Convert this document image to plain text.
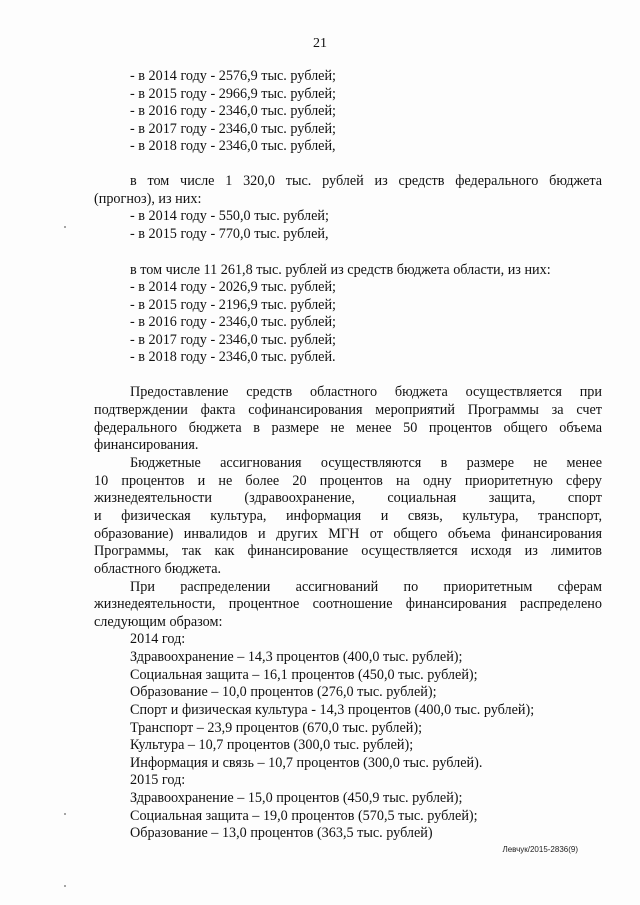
21
- в 2014 году - 2576,9 тыс. рублей;
- в 2015 году - 2966,9 тыс. рублей;
- в 2016 году - 2346,0 тыс. рублей;
- в 2017 году - 2346,0 тыс. рублей;
- в 2018 году - 2346,0 тыс. рублей,
в том числе 1 320,0 тыс. рублей из средств федерального бюджета
(прогноз), из них:
- в 2014 году - 550,0 тыс. рублей;
- в 2015 году - 770,0 тыс. рублей,
в том числе 11 261,8 тыс. рублей из средств бюджета области, из них:
- в 2014 году - 2026,9 тыс. рублей;
- в 2015 году - 2196,9 тыс. рублей;
- в 2016 году - 2346,0 тыс. рублей;
- в 2017 году - 2346,0 тыс. рублей;
- в 2018 году - 2346,0 тыс. рублей.
Предоставление средств областного бюджета осуществляется при
подтверждении факта софинансирования мероприятий Программы за счет
федерального бюджета в размере не менее 50 процентов общего объема
финансирования.
Бюджетные ассигнования осуществляются в размере не менее
10 процентов и не более 20 процентов на одну приоритетную сферу
жизнедеятельности (здравоохранение, социальная защита, спорт
и физическая культура, информация и связь, культура, транспорт,
образование) инвалидов и других МГН от общего объема финансирования
Программы, так как финансирование осуществляется исходя из лимитов
областного бюджета.
При распределении ассигнований по приоритетным сферам
жизнедеятельности, процентное соотношение финансирования распределено
следующим образом:
2014 год:
Здравоохранение – 14,3 процентов (400,0 тыс. рублей);
Социальная защита – 16,1 процентов (450,0 тыс. рублей);
Образование – 10,0 процентов (276,0 тыс. рублей);
Спорт и физическая культура - 14,3 процентов (400,0 тыс. рублей);
Транспорт – 23,9 процентов (670,0 тыс. рублей);
Культура – 10,7 процентов (300,0 тыс. рублей);
Информация и связь – 10,7 процентов (300,0 тыс. рублей).
2015 год:
Здравоохранение – 15,0 процентов (450,9 тыс. рублей);
Социальная защита – 19,0 процентов (570,5 тыс. рублей);
Образование – 13,0 процентов (363,5 тыс. рублей)
Левчук/2015-2836(9)
